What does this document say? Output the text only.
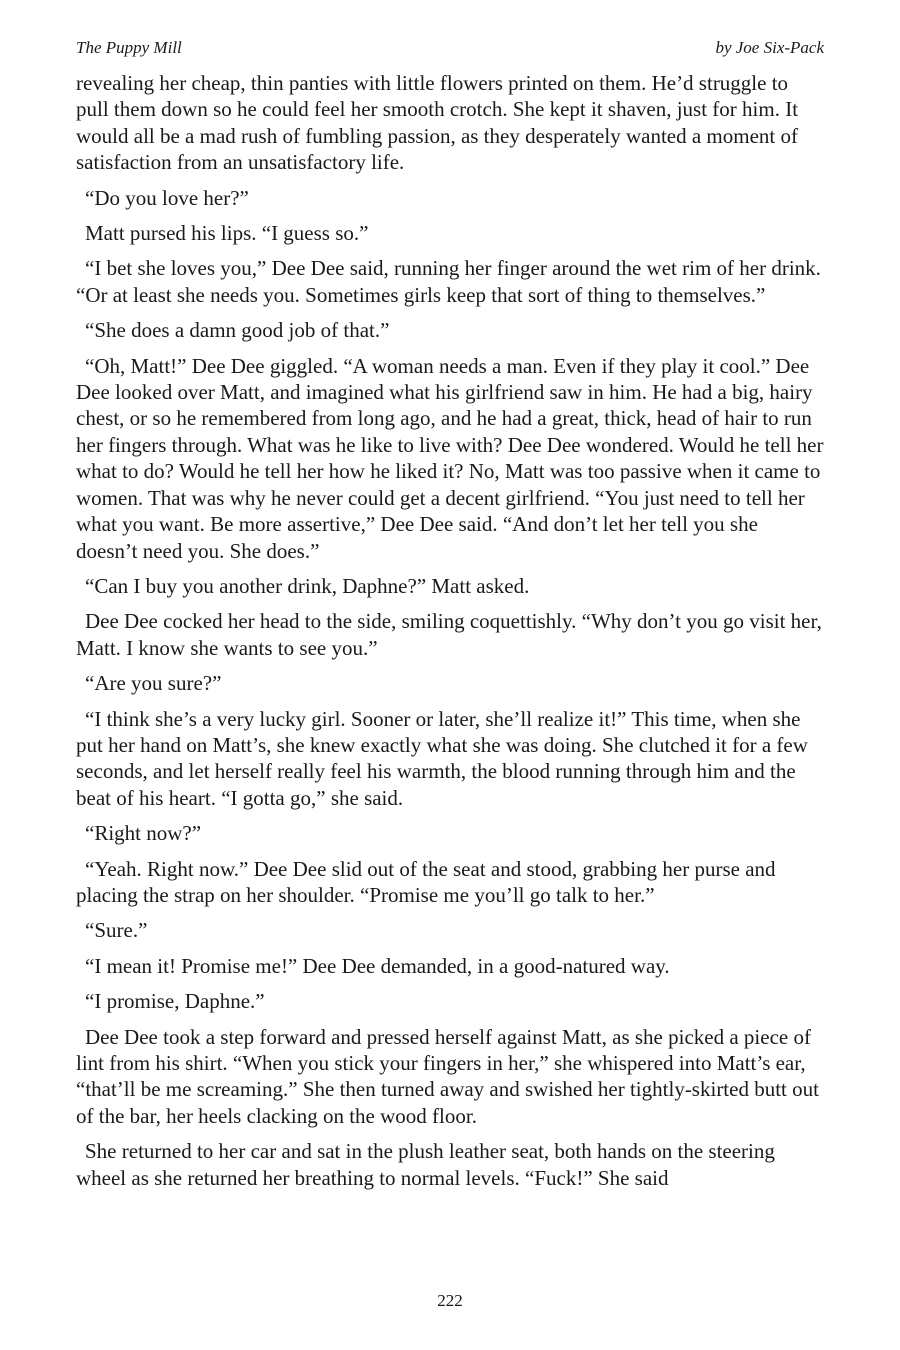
The Puppy Mill	by Joe Six-Pack

revealing her cheap, thin panties with little flowers printed on them. He’d struggle to pull them down so he could feel her smooth crotch. She kept it shaven, just for him. It would all be a mad rush of fumbling passion, as they desperately wanted a moment of satisfaction from an unsatisfactory life.

“Do you love her?”

Matt pursed his lips. “I guess so.”

“I bet she loves you,” Dee Dee said, running her finger around the wet rim of her drink. “Or at least she needs you. Sometimes girls keep that sort of thing to themselves.”

“She does a damn good job of that.”

“Oh, Matt!” Dee Dee giggled. “A woman needs a man. Even if they play it cool.” Dee Dee looked over Matt, and imagined what his girlfriend saw in him. He had a big, hairy chest, or so he remembered from long ago, and he had a great, thick, head of hair to run her fingers through. What was he like to live with? Dee Dee wondered. Would he tell her what to do? Would he tell her how he liked it? No, Matt was too passive when it came to women. That was why he never could get a decent girlfriend. “You just need to tell her what you want. Be more assertive,” Dee Dee said. “And don’t let her tell you she doesn’t need you. She does.”

“Can I buy you another drink, Daphne?” Matt asked.

Dee Dee cocked her head to the side, smiling coquettishly. “Why don’t you go visit her, Matt. I know she wants to see you.”

“Are you sure?”

“I think she’s a very lucky girl. Sooner or later, she’ll realize it!” This time, when she put her hand on Matt’s, she knew exactly what she was doing. She clutched it for a few seconds, and let herself really feel his warmth, the blood running through him and the beat of his heart. “I gotta go,” she said.

“Right now?”

“Yeah. Right now.” Dee Dee slid out of the seat and stood, grabbing her purse and placing the strap on her shoulder. “Promise me you’ll go talk to her.”

“Sure.”

“I mean it! Promise me!” Dee Dee demanded, in a good-natured way.

“I promise, Daphne.”

Dee Dee took a step forward and pressed herself against Matt, as she picked a piece of lint from his shirt. “When you stick your fingers in her,” she whispered into Matt’s ear, “that’ll be me screaming.” She then turned away and swished her tightly-skirted butt out of the bar, her heels clacking on the wood floor.

She returned to her car and sat in the plush leather seat, both hands on the steering wheel as she returned her breathing to normal levels. “Fuck!” She said

222
